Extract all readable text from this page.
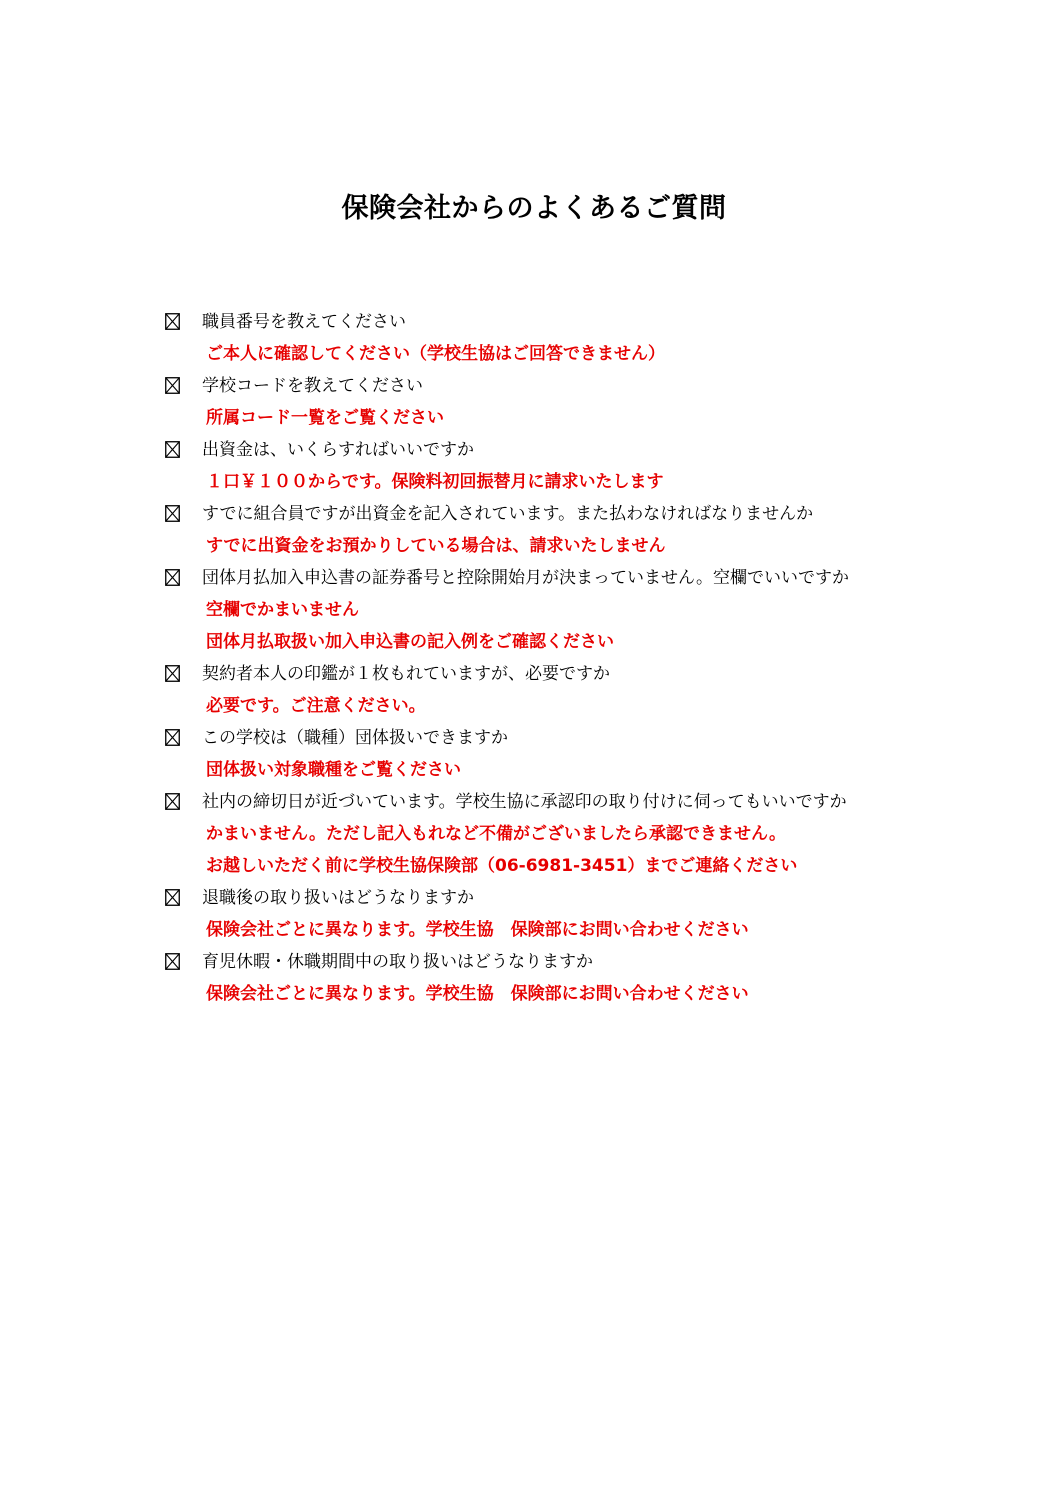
保険会社からのよくあるご質問
職員番号を教えてください
ご本人に確認してください（学校生協はご回答できません）
学校コードを教えてください
所属コード一覧をご覧ください
出資金は、いくらすればいいですか
１口￥１００からです。保険料初回振替月に請求いたします
すでに組合員ですが出資金を記入されています。また払わなければなりませんか
すでに出資金をお預かりしている場合は、請求いたしません
団体月払加入申込書の証券番号と控除開始月が決まっていません。空欄でいいですか
空欄でかまいません
団体月払取扱い加入申込書の記入例をご確認ください
契約者本人の印鑑が１枚もれていますが、必要ですか
必要です。ご注意ください。
この学校は（職種）団体扱いできますか
団体扱い対象職種をご覧ください
社内の締切日が近づいています。学校生協に承認印の取り付けに伺ってもいいですか
かまいません。ただし記入もれなど不備がございましたら承認できません。
お越しいただく前に学校生協保険部（06-6981-3451）までご連絡ください
退職後の取り扱いはどうなりますか
保険会社ごとに異なります。学校生協　保険部にお問い合わせください
育児休暇・休職期間中の取り扱いはどうなりますか
保険会社ごとに異なります。学校生協　保険部にお問い合わせください
